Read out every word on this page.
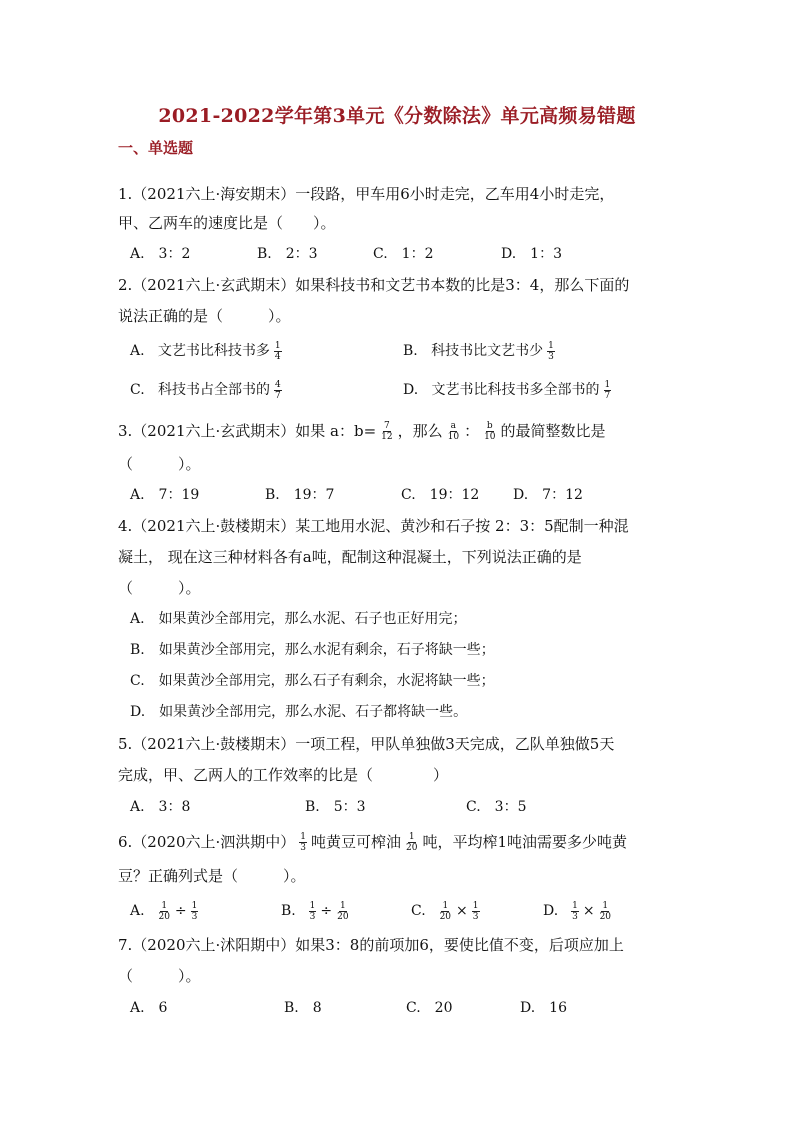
2021-2022学年第3单元《分数除法》单元高频易错题
一、单选题
1.（2021六上·海安期末）一段路，甲车用6小时走完，乙车用4小时走完，
甲、乙两车的速度比是（　　）。
A.　3：2	B.　2：3	C.　1：2	D.　1：3
2.（2021六上·玄武期末）如果科技书和文艺书本数的比是3：4，那么下面的
说法正确的是（　　　）。
A. 文艺书比科技书多 $\frac{1}{4}$	B. 科技书比文艺书少 $\frac{1}{3}$
C. 科技书占全部书的 $\frac{4}{7}$	D. 文艺书比科技书多全部书的 $\frac{1}{7}$
3.（2021六上·玄武期末）如果 a：$b= \frac{7}{12}$ ，那么 $\frac{a}{10}$ ： $\frac{b}{10}$ 的最简整数比是
（　　　）。
A.　7：19	B.　19：7	C.　19：12 D.　7：12
4.（2021六上·鼓楼期末）某工地用水泥、黄沙和石子按 2：3：5配制一种混
凝土， 现在这三种材料各有a吨，配制这种混凝土，下列说法正确的是
（　　　）。
A.　如果黄沙全部用完，那么水泥、石子也正好用完；
B.　如果黄沙全部用完，那么水泥有剩余，石子将缺一些；
C.　如果黄沙全部用完，那么石子有剩余，水泥将缺一些；
D.　如果黄沙全部用完，那么水泥、石子都将缺一些。
5.（2021六上·鼓楼期末）一项工程，甲队单独做3天完成，乙队单独做5天
完成，甲、乙两人的工作效率的比是（　　　　）
A.　3：8	B.　5：3	C.　3：5
6.（2020六上·泗洪期中） $\frac{1}{3}$ 吨黄豆可榨油 $\frac{1}{20}$ 吨，平均榨1吨油需要多少吨黄
豆？正确列式是（　　　）。
A. $\frac{1}{20} \div \frac{1}{3}$	B. $\frac{1}{3} \div \frac{1}{20}$	C. $\frac{1}{20} \times \frac{1}{3}$	D. $\frac{1}{3} \times \frac{1}{20}$
7.（2020六上·沭阳期中）如果3：8的前项加6，要使比值不变，后项应加上
（　　　）。
A.　6	B.　8	C.　20	D.　16
